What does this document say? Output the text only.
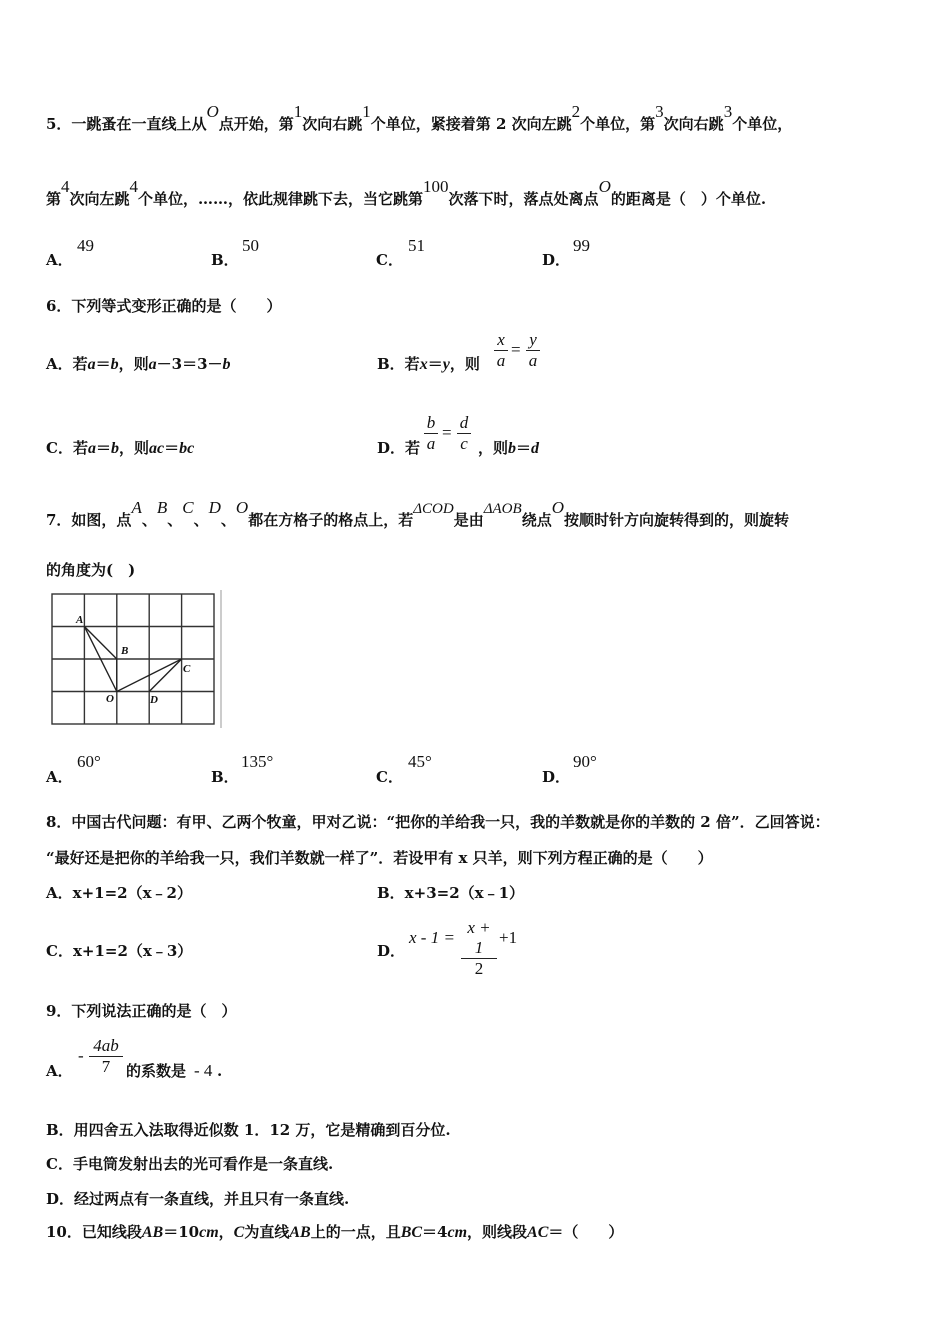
5．一跳蚤在一直线上从O点开始，第1次向右跳1个单位，紧接着第 2 次向左跳2个单位，第3次向右跳3个单位，
第4次向左跳4个单位，……，依此规律跳下去，当它跳第100次落下时，落点处离点O的距离是（　）个单位.
A．
49
B．
50
C．
51
D．
99
6．下列等式变形正确的是（　　）
A．若a＝b，则a－3＝3－b	B．若x＝y，则
x
a
=
y
a
C．若a＝b，则ac＝bc	D．若
b
a
=
d
c ，则b＝d
7．如图，点A、B、C、D、O都在方格子的格点上，若ΔCOD是由ΔAOB绕点O按顺时针方向旋转得到的，则旋转
的角度为(　)
A
B
C
O	D
A．
60°
B．
135°
C．
45°
D．
90°
8．中国古代问题：有甲、乙两个牧童，甲对乙说：“把你的羊给我一只，我的羊数就是你的羊数的 2 倍”．乙回答说：
“最好还是把你的羊给我一只，我们羊数就一样了”．若设甲有 x 只羊，则下列方程正确的是（　　）
A．x+1=2（x﹣2）	B．x+3=2（x﹣1）
C．x+1=2（x﹣3）	D．
x - 1 =
x + 1
2
+1
9．下列说法正确的是（　）
A．
-
4ab
7	的系数是 - 4 .
B．用四舍五入法取得近似数 1．12 万，它是精确到百分位.
C．手电筒发射出去的光可看作是一条直线.
D．经过两点有一条直线，并且只有一条直线.
10．已知线段AB＝10cm，C为直线AB上的一点，且BC＝4cm，则线段AC＝（　　）
